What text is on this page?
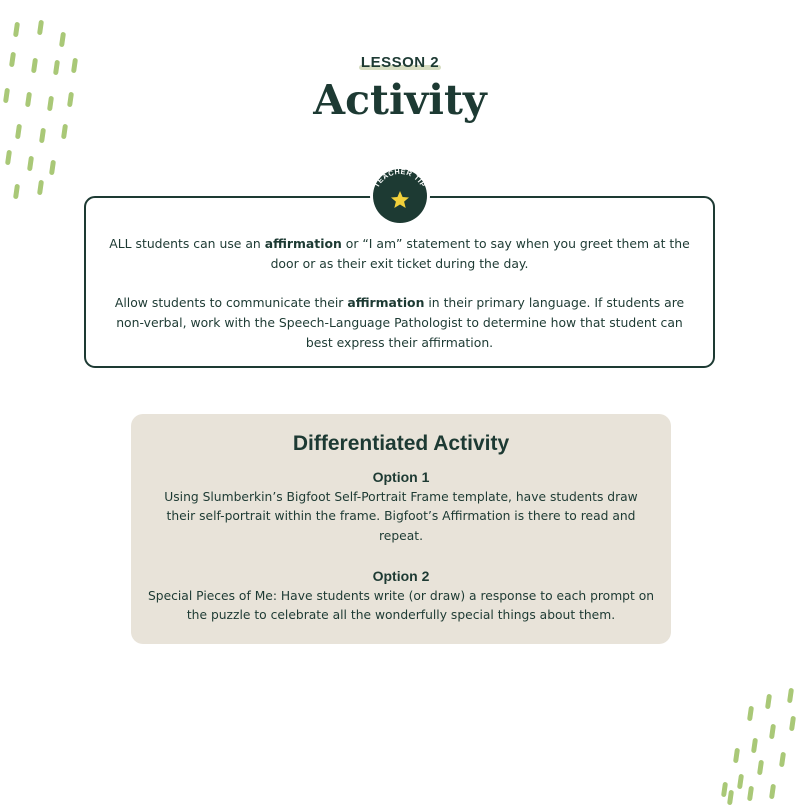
LESSON 2
Activity

ALL students can use an affirmation or “I am” statement to say when you greet them at the door or as their exit ticket during the day.

Allow students to communicate their affirmation in their primary language. If students are non-verbal, work with the Speech-Language Pathologist to determine how that student can best express their affirmation.

TEACHER TIP
Differentiated Activity
Option 1
Using Slumberkin’s Bigfoot Self-Portrait Frame template, have students draw their self-portrait within the frame. Bigfoot’s Affirmation is there to read and repeat.
Option 2
Special Pieces of Me: Have students write (or draw) a response to each prompt on the puzzle to celebrate all the wonderfully special things about them.
